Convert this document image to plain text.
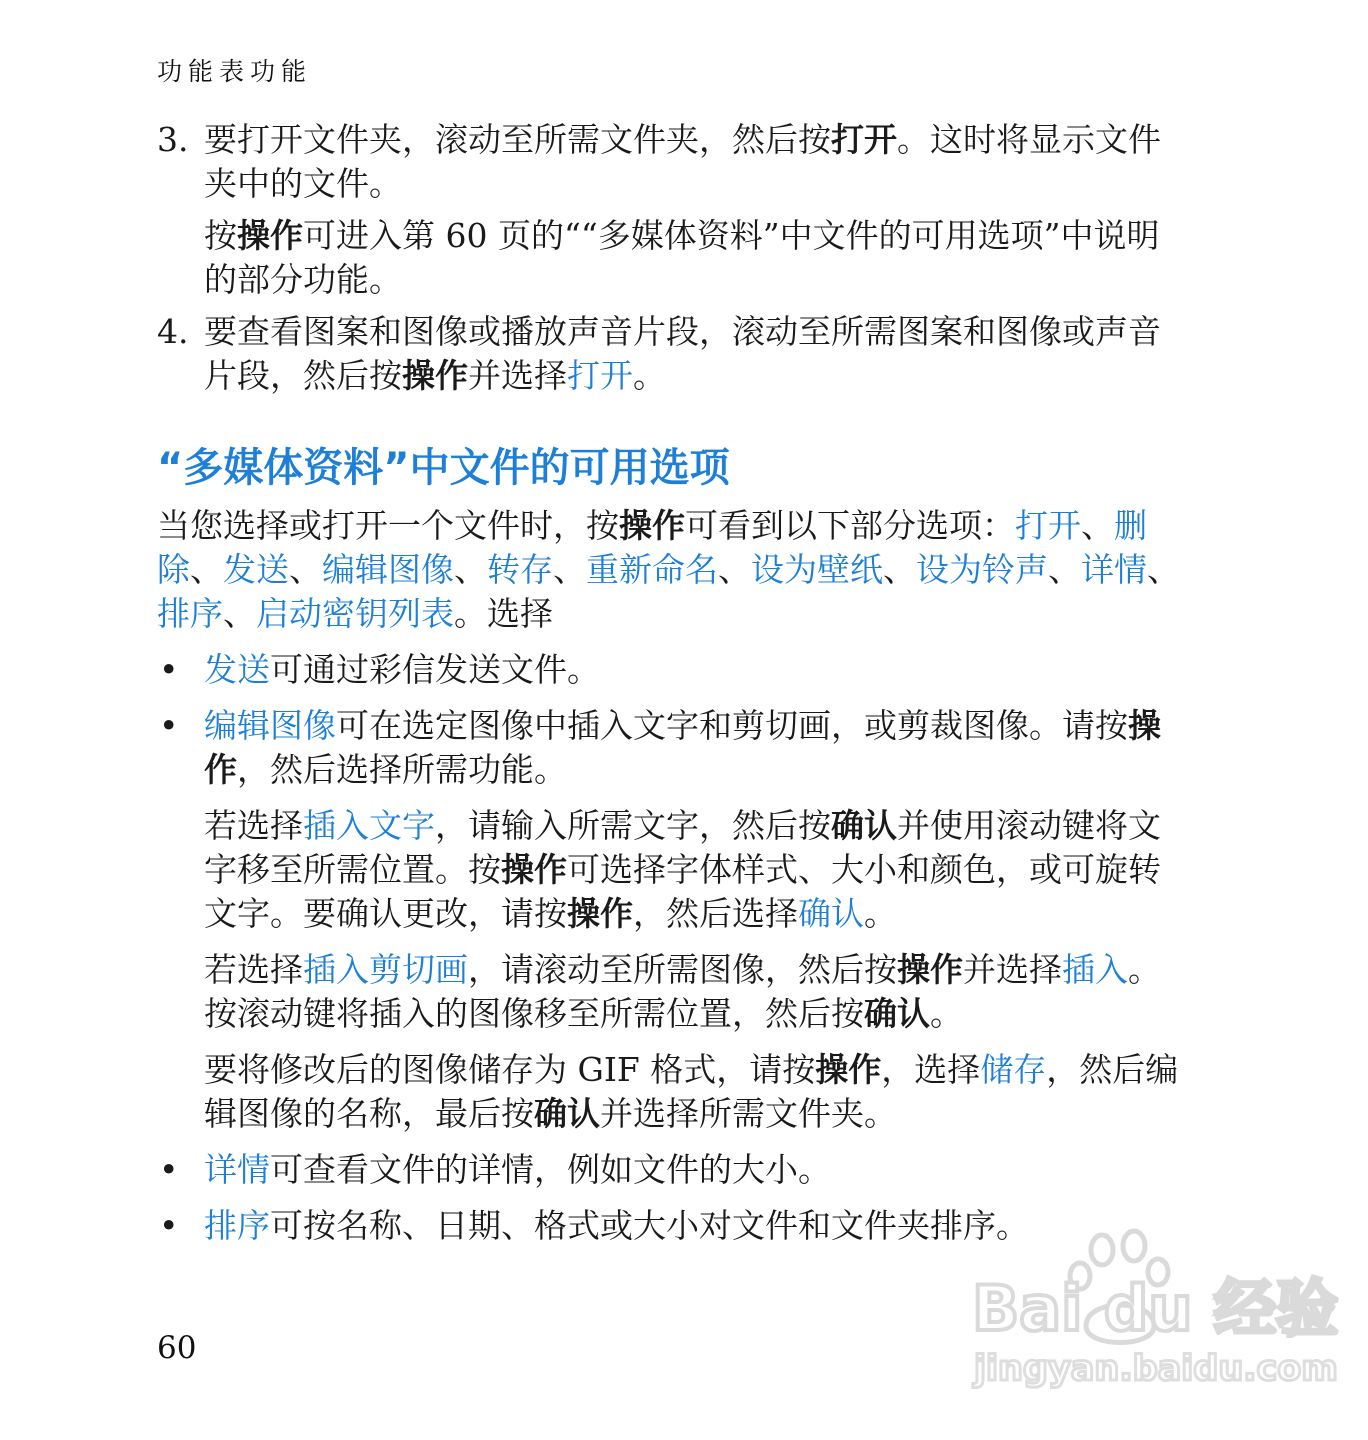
功能表功能

3. 要打开文件夹，滚动至所需文件夹，然后按打开。这时将显示文件夹中的文件。

按操作可进入第 60 页的““多媒体资料”中文件的可用选项”中说明的部分功能。

4. 要查看图案和图像或播放声音片段，滚动至所需图案和图像或声音片段，然后按操作并选择打开。

“多媒体资料”中文件的可用选项

当您选择或打开一个文件时，按操作可看到以下部分选项：打开、删除、发送、编辑图像、转存、重新命名、设为壁纸、设为铃声、详情、排序、启动密钥列表。选择

• 发送可通过彩信发送文件。

• 编辑图像可在选定图像中插入文字和剪切画，或剪裁图像。请按操作，然后选择所需功能。

若选择插入文字，请输入所需文字，然后按确认并使用滚动键将文字移至所需位置。按操作可选择字体样式、大小和颜色，或可旋转文字。要确认更改，请按操作，然后选择确认。

若选择插入剪切画，请滚动至所需图像，然后按操作并选择插入。按滚动键将插入的图像移至所需位置，然后按确认。

要将修改后的图像储存为 GIF 格式，请按操作，选择储存，然后编辑图像的名称，最后按确认并选择所需文件夹。

• 详情可查看文件的详情，例如文件的大小。

• 排序可按名称、日期、格式或大小对文件和文件夹排序。

60
Bai du 经验
jingyan.baidu.com
